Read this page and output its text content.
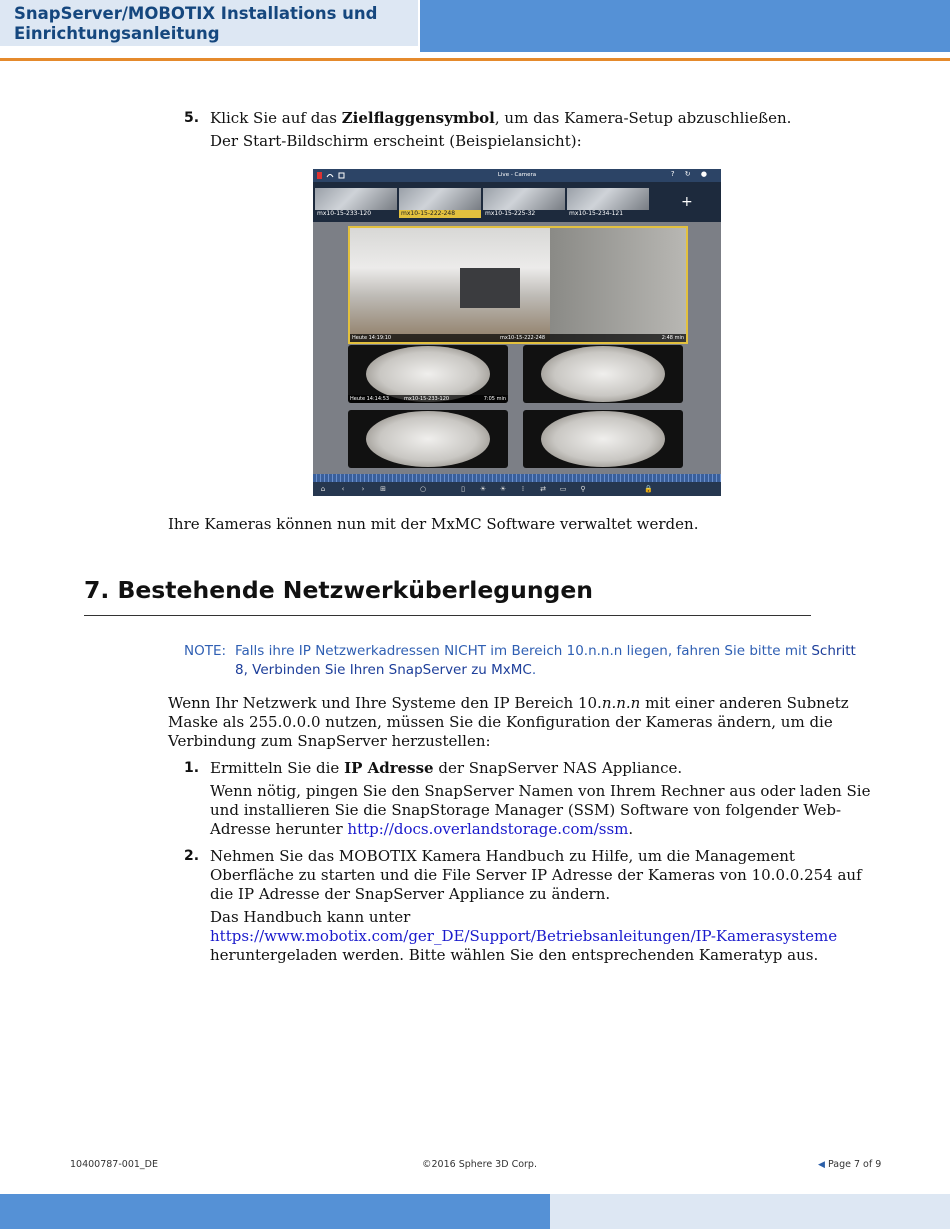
SnapServer/MOBOTIX Installations und Einrichtungsanleitung
5. Klick Sie auf das Zielflaggensymbol, um das Kamera-Setup abzuschließen.
Der Start-Bildschirm erscheint (Beispielansicht):
Live - Camera	? ↻ ●
mx10-15-233-120	mx10-15-222-248	mx10-15-225-32	mx10-15-234-121
+
Heute 14:19:10	mx10-15-222-248	2:48 min
Heute 14:14:53	mx10-15-233-120	7:05 min
⌂ ‹ › ⊞	○	▯ ☀ ☀ ⁞ ⇄ ▭ ⚲	🔒
Ihre Kameras können nun mit der MxMC Software verwaltet werden.
7. Bestehende Netzwerküberlegungen
NOTE: Falls ihre IP Netzwerkadressen NICHT im Bereich 10.n.n.n liegen, fahren Sie bitte mit Schritt 8, Verbinden Sie Ihren SnapServer zu MxMC.
Wenn Ihr Netzwerk und Ihre Systeme den IP Bereich 10.n.n.n mit einer anderen Subnetz Maske als 255.0.0.0 nutzen, müssen Sie die Konfiguration der Kameras ändern, um die Verbindung zum SnapServer herzustellen:
1. Ermitteln Sie die IP Adresse der SnapServer NAS Appliance.
Wenn nötig, pingen Sie den SnapServer Namen von Ihrem Rechner aus oder laden Sie und installieren Sie die SnapStorage Manager (SSM) Software von folgender Web-Adresse herunter http://docs.overlandstorage.com/ssm.
2. Nehmen Sie das MOBOTIX Kamera Handbuch zu Hilfe, um die Management Oberfläche zu starten und die File Server IP Adresse der Kameras von 10.0.0.254 auf die IP Adresse der SnapServer Appliance zu ändern.
Das Handbuch kann unter https://www.mobotix.com/ger_DE/Support/Betriebsanleitungen/IP-Kamerasysteme heruntergeladen werden. Bitte wählen Sie den entsprechenden Kameratyp aus.
10400787-001_DE	©2016 Sphere 3D Corp.	◀ Page 7 of 9
